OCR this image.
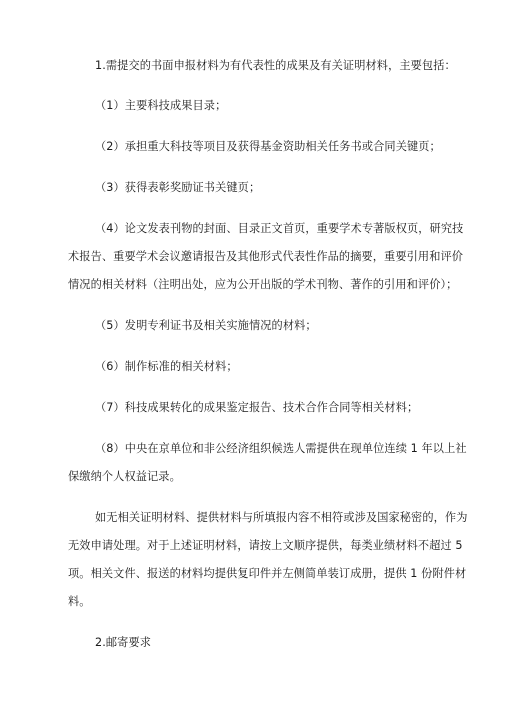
1.需提交的书面申报材料为有代表性的成果及有关证明材料，主要包括：
（1）主要科技成果目录；
（2）承担重大科技等项目及获得基金资助相关任务书或合同关键页；
（3）获得表彰奖励证书关键页；
（4）论文发表刊物的封面、目录正文首页，重要学术专著版权页，研究技
术报告、重要学术会议邀请报告及其他形式代表性作品的摘要，重要引用和评价
情况的相关材料（注明出处，应为公开出版的学术刊物、著作的引用和评价）；
（5）发明专利证书及相关实施情况的材料；
（6）制作标准的相关材料；
（7）科技成果转化的成果鉴定报告、技术合作合同等相关材料；
（8）中央在京单位和非公经济组织候选人需提供在现单位连续 1 年以上社
保缴纳个人权益记录。
如无相关证明材料、提供材料与所填报内容不相符或涉及国家秘密的，作为
无效申请处理。对于上述证明材料，请按上文顺序提供，每类业绩材料不超过 5
项。相关文件、报送的材料均提供复印件并左侧简单装订成册，提供 1 份附件材
料。
2.邮寄要求
